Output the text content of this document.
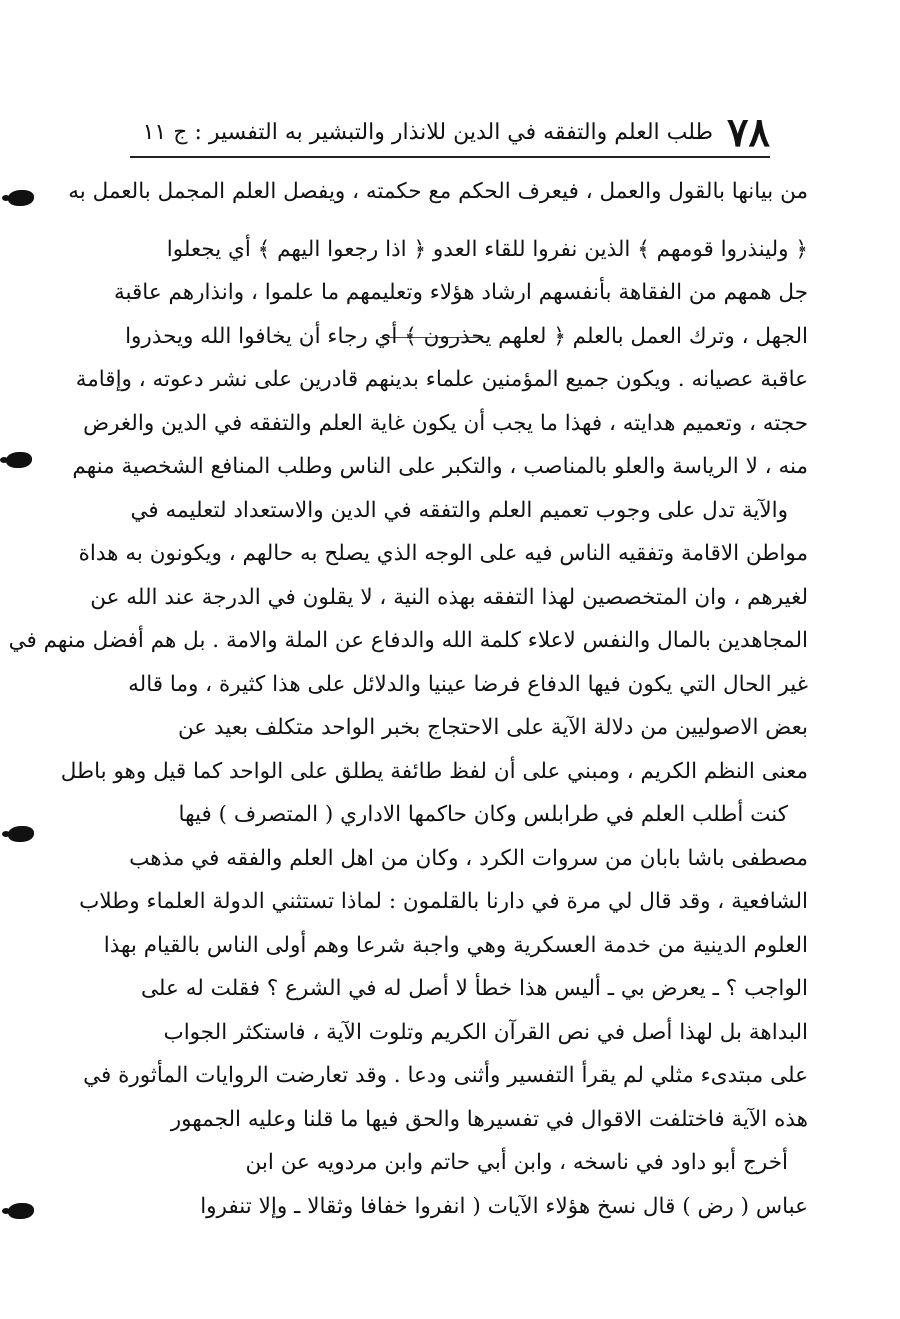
٧٨
طلب العلم والتفقه في الدين للانذار والتبشير به التفسير : ج ١١
من بيانها بالقول والعمل ، فيعرف الحكم مع حكمته ، ويفصل العلم المجمل بالعمل به
﴿ ولينذروا قومهم ﴾ الذين نفروا للقاء العدو ﴿ اذا رجعوا اليهم ﴾ أي يجعلوا
جل همهم من الفقاهة بأنفسهم ارشاد هؤلاء وتعليمهم ما علموا ، وانذارهم عاقبة
الجهل ، وترك العمل بالعلم ﴿ لعلهم يحذرون ﴾ أي رجاء أن يخافوا الله ويحذروا
عاقبة عصيانه . ويكون جميع المؤمنين علماء بدينهم قادرين على نشر دعوته ، وإقامة
حجته ، وتعميم هدايته ، فهذا ما يجب أن يكون غاية العلم والتفقه في الدين والغرض
منه ، لا الرياسة والعلو بالمناصب ، والتكبر على الناس وطلب المنافع الشخصية منهم
والآية تدل على وجوب تعميم العلم والتفقه في الدين والاستعداد لتعليمه في
مواطن الاقامة وتفقيه الناس فيه على الوجه الذي يصلح به حالهم ، ويكونون به هداة
لغيرهم ، وان المتخصصين لهذا التفقه بهذه النية ، لا يقلون في الدرجة عند الله عن
المجاهدين بالمال والنفس لاعلاء كلمة الله والدفاع عن الملة والامة . بل هم أفضل منهم في
غير الحال التي يكون فيها الدفاع فرضا عينيا والدلائل على هذا كثيرة ، وما قاله
بعض الاصوليين من دلالة الآية على الاحتجاج بخبر الواحد متكلف بعيد عن
معنى النظم الكريم ، ومبني على أن لفظ طائفة يطلق على الواحد كما قيل وهو باطل
كنت أطلب العلم في طرابلس وكان حاكمها الاداري ( المتصرف ) فيها
مصطفى باشا بابان من سروات الكرد ، وكان من اهل العلم والفقه في مذهب
الشافعية ، وقد قال لي مرة في دارنا بالقلمون : لماذا تستثني الدولة العلماء وطلاب
العلوم الدينية من خدمة العسكرية وهي واجبة شرعا وهم أولى الناس بالقيام بهذا
الواجب ؟ ـ يعرض بي ـ أليس هذا خطأ لا أصل له في الشرع ؟ فقلت له على
البداهة بل لهذا أصل في نص القرآن الكريم وتلوت الآية ، فاستكثر الجواب
على مبتدىء مثلي لم يقرأ التفسير وأثنى ودعا . وقد تعارضت الروايات المأثورة في
هذه الآية فاختلفت الاقوال في تفسيرها والحق فيها ما قلنا وعليه الجمهور
أخرج أبو داود في ناسخه ، وابن أبي حاتم وابن مردويه عن ابن
عباس ( رض ) قال نسخ هؤلاء الآيات ( انفروا خفافا وثقالا ـ وإلا تنفروا
